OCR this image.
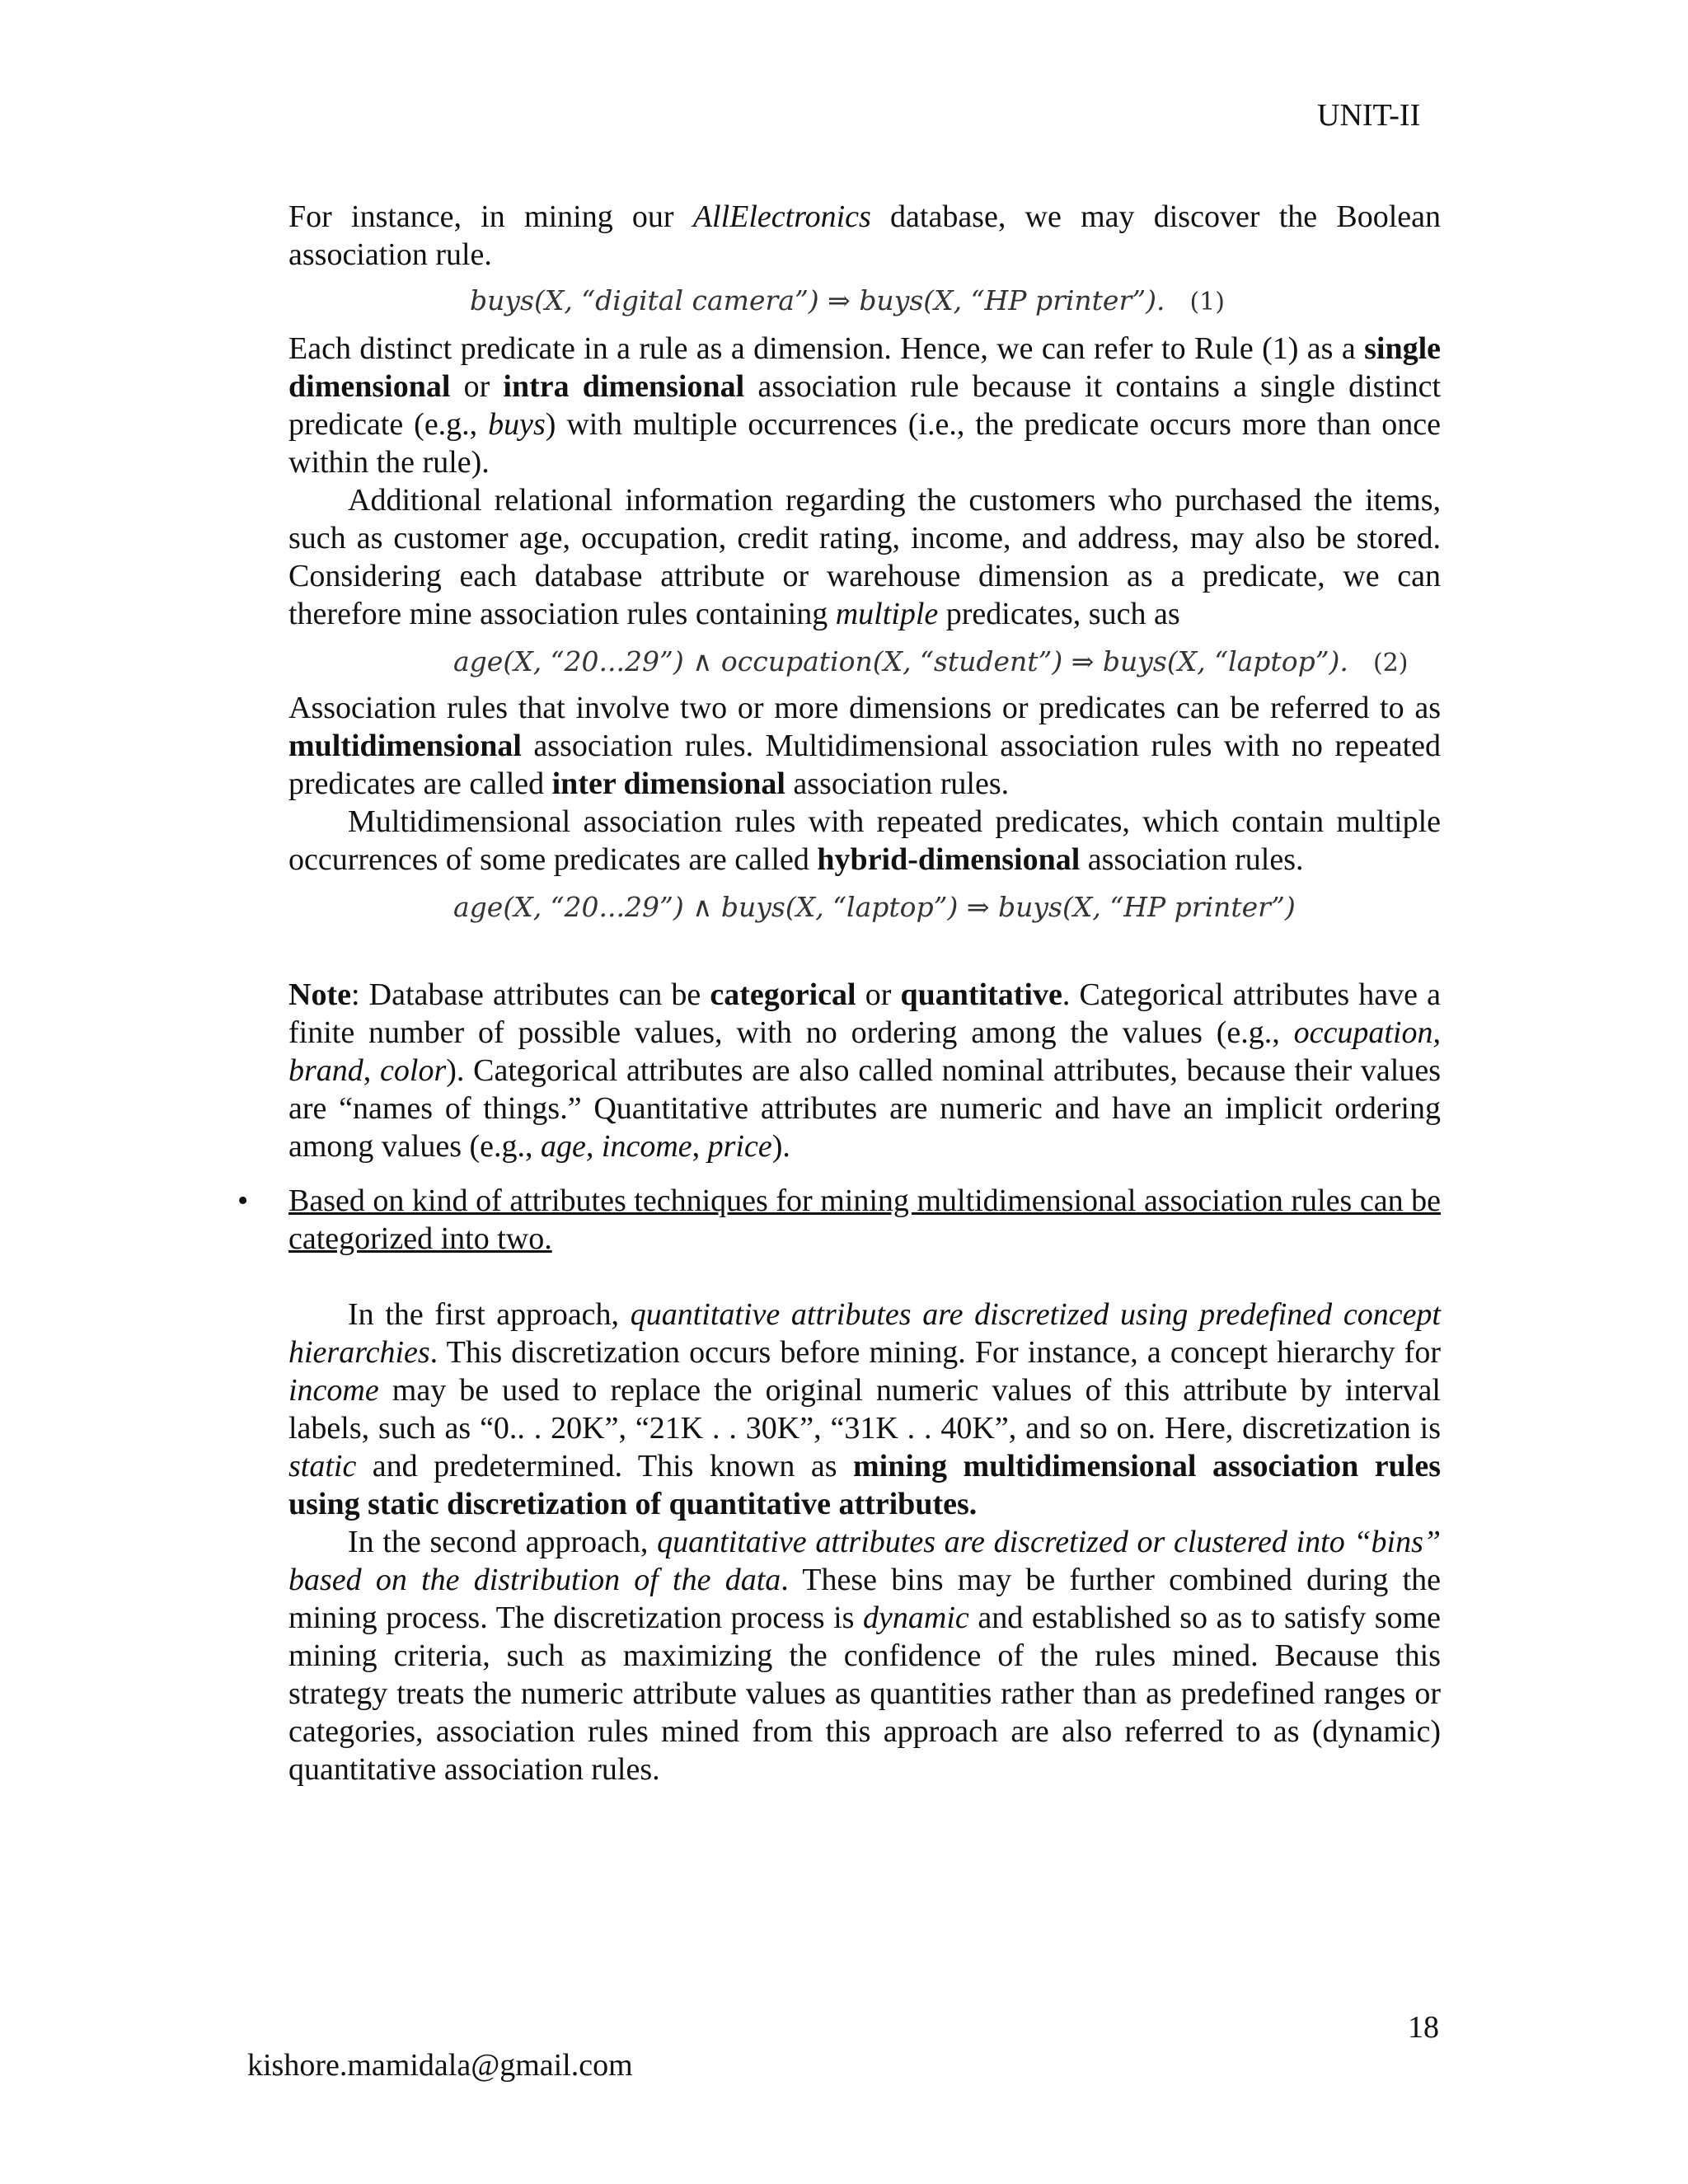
UNIT-II

For instance, in mining our AllElectronics database, we may discover the Boolean association rule.

buys(X, “digital camera”) ⇒ buys(X, “HP printer”). (1)

Each distinct predicate in a rule as a dimension. Hence, we can refer to Rule (1) as a single dimensional or intra dimensional association rule because it contains a single distinct predicate (e.g., buys) with multiple occurrences (i.e., the predicate occurs more than once within the rule).

Additional relational information regarding the customers who purchased the items, such as customer age, occupation, credit rating, income, and address, may also be stored. Considering each database attribute or warehouse dimension as a predicate, we can therefore mine association rules containing multiple predicates, such as

age(X, “20...29”) ∧ occupation(X, “student”) ⇒ buys(X, “laptop”). (2)

Association rules that involve two or more dimensions or predicates can be referred to as multidimensional association rules. Multidimensional association rules with no repeated predicates are called inter dimensional association rules.

Multidimensional association rules with repeated predicates, which contain multiple occurrences of some predicates are called hybrid-dimensional association rules.

age(X, “20...29”) ∧ buys(X, “laptop”) ⇒ buys(X, “HP printer”)

Note: Database attributes can be categorical or quantitative. Categorical attributes have a finite number of possible values, with no ordering among the values (e.g., occupation, brand, color). Categorical attributes are also called nominal attributes, because their values are “names of things.” Quantitative attributes are numeric and have an implicit ordering among values (e.g., age, income, price).

• Based on kind of attributes techniques for mining multidimensional association rules can be categorized into two.

In the first approach, quantitative attributes are discretized using predefined concept hierarchies. This discretization occurs before mining. For instance, a concept hierarchy for income may be used to replace the original numeric values of this attribute by interval labels, such as “0.. . 20K”, “21K . . 30K”, “31K . . 40K”, and so on. Here, discretization is static and predetermined. This known as mining multidimensional association rules using static discretization of quantitative attributes.

In the second approach, quantitative attributes are discretized or clustered into “bins” based on the distribution of the data. These bins may be further combined during the mining process. The discretization process is dynamic and established so as to satisfy some mining criteria, such as maximizing the confidence of the rules mined. Because this strategy treats the numeric attribute values as quantities rather than as predefined ranges or categories, association rules mined from this approach are also referred to as (dynamic) quantitative association rules.

18
kishore.mamidala@gmail.com
